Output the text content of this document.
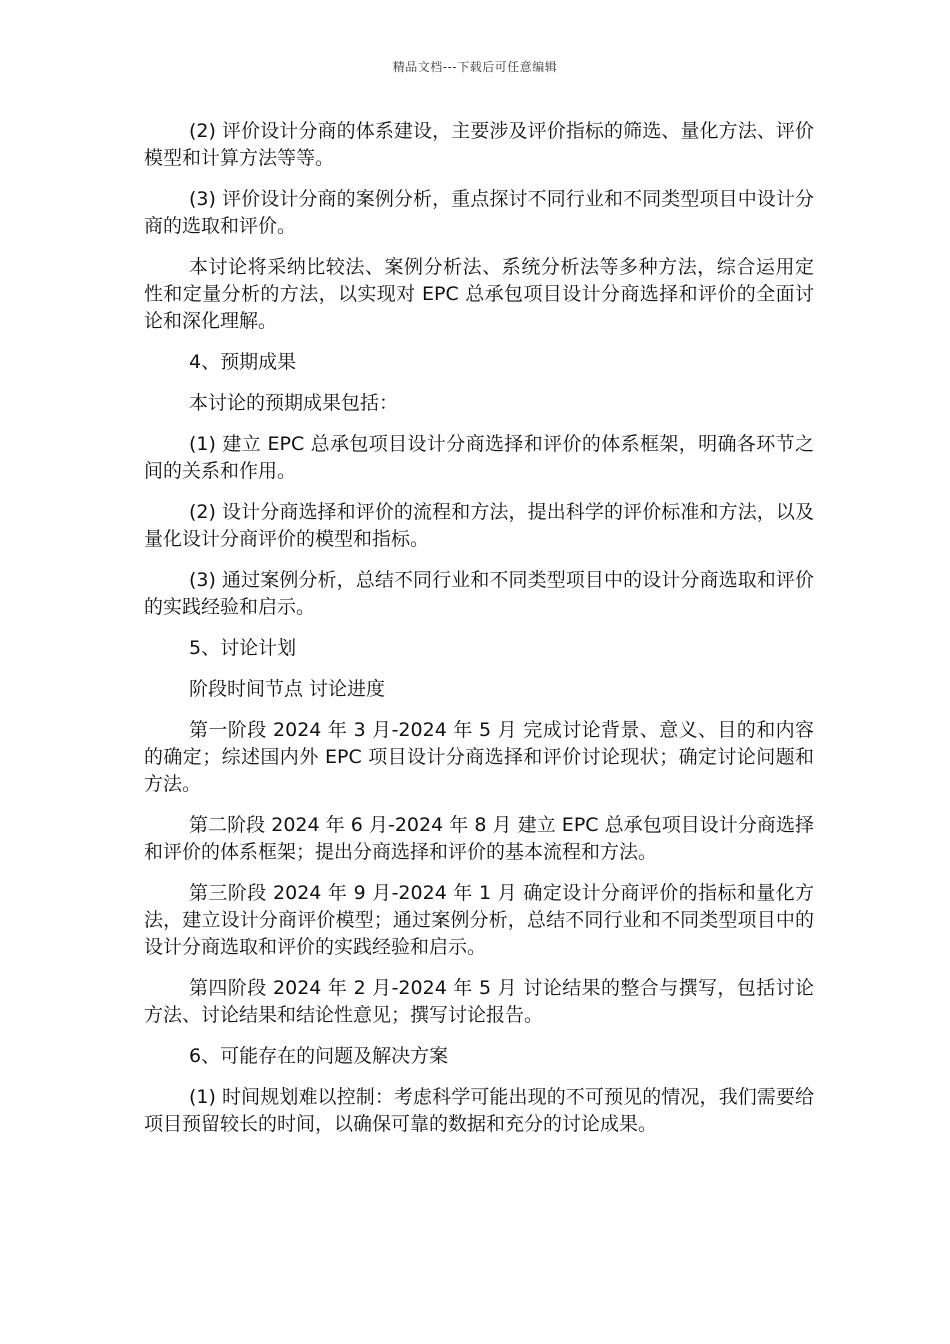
精品文档---下载后可任意编辑

(2) 评价设计分商的体系建设，主要涉及评价指标的筛选、量化方法、评价模型和计算方法等等。

(3) 评价设计分商的案例分析，重点探讨不同行业和不同类型项目中设计分商的选取和评价。

本讨论将采纳比较法、案例分析法、系统分析法等多种方法，综合运用定性和定量分析的方法，以实现对 EPC 总承包项目设计分商选择和评价的全面讨论和深化理解。

4、预期成果

本讨论的预期成果包括：

(1) 建立 EPC 总承包项目设计分商选择和评价的体系框架，明确各环节之间的关系和作用。

(2) 设计分商选择和评价的流程和方法，提出科学的评价标准和方法，以及量化设计分商评价的模型和指标。

(3) 通过案例分析，总结不同行业和不同类型项目中的设计分商选取和评价的实践经验和启示。

5、讨论计划

阶段时间节点 讨论进度

第一阶段 2024 年 3 月-2024 年 5 月 完成讨论背景、意义、目的和内容的确定；综述国内外 EPC 项目设计分商选择和评价讨论现状；确定讨论问题和方法。

第二阶段 2024 年 6 月-2024 年 8 月 建立 EPC 总承包项目设计分商选择和评价的体系框架；提出分商选择和评价的基本流程和方法。

第三阶段 2024 年 9 月-2024 年 1 月 确定设计分商评价的指标和量化方法，建立设计分商评价模型；通过案例分析，总结不同行业和不同类型项目中的设计分商选取和评价的实践经验和启示。

第四阶段 2024 年 2 月-2024 年 5 月 讨论结果的整合与撰写，包括讨论方法、讨论结果和结论性意见；撰写讨论报告。

6、可能存在的问题及解决方案

(1) 时间规划难以控制：考虑科学可能出现的不可预见的情况，我们需要给项目预留较长的时间，以确保可靠的数据和充分的讨论成果。
